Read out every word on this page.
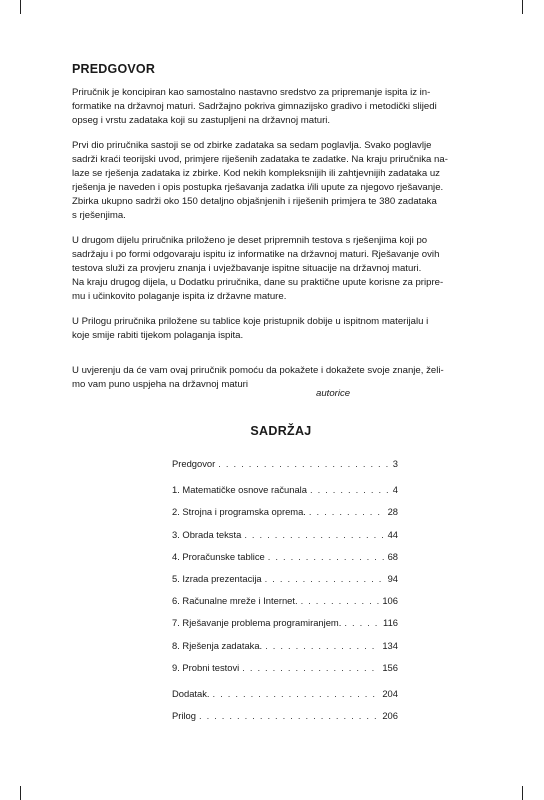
PREDGOVOR
Priručnik je koncipiran kao samostalno nastavno sredstvo za pripremanje ispita iz in-
formatike na državnoj maturi. Sadržajno pokriva gimnazijsko gradivo i metodički slijedi
opseg i vrstu zadataka koji su zastupljeni na državnoj maturi.
Prvi dio priručnika sastoji se od zbirke zadataka sa sedam poglavlja. Svako poglavlje
sadrži kraći teorijski uvod, primjere riješenih zadataka te zadatke. Na kraju priručnika na-
laze se rješenja zadataka iz zbirke. Kod nekih kompleksnijih ili zahtjevnijih zadataka uz
rješenja je naveden i opis postupka rješavanja zadatka i/ili upute za njegovo rješavanje.
Zbirka ukupno sadrži oko 150 detaljno objašnjenih i riješenih primjera te 380 zadataka
s rješenjima.
U drugom dijelu priručnika priloženo je deset pripremnih testova s rješenjima koji po
sadržaju i po formi odgovaraju ispitu iz informatike na državnoj maturi. Rješavanje ovih
testova služi za provjeru znanja i uvježbavanje ispitne situacije na državnoj maturi.
Na kraju drugog dijela, u Dodatku priručnika, dane su praktične upute korisne za pripre-
mu i učinkovito polaganje ispita iz državne mature.
U Prilogu priručnika priložene su tablice koje pristupnik dobije u ispitnom materijalu i
koje smije rabiti tijekom polaganja ispita.
U uvjerenju da će vam ovaj priručnik pomoću da pokažete i dokažete svoje znanje, želi-
mo vam puno uspjeha na državnoj maturi
autorice
SADRŽAJ
Predgovor . . .	3
1. Matematičke osnove računala . . .	4
2. Strojna i programska oprema. . . .	28
3. Obrada teksta . . .	44
4. Proračunske tablice . . .	68
5. Izrada prezentacija . . .	94
6. Računalne mreže i Internet. . . .	106
7. Rješavanje problema programiranjem. . . .	116
8. Rješenja zadataka. . . .	134
9. Probni testovi . . .	156
Dodatak. . . .	204
Prilog . . .	206
